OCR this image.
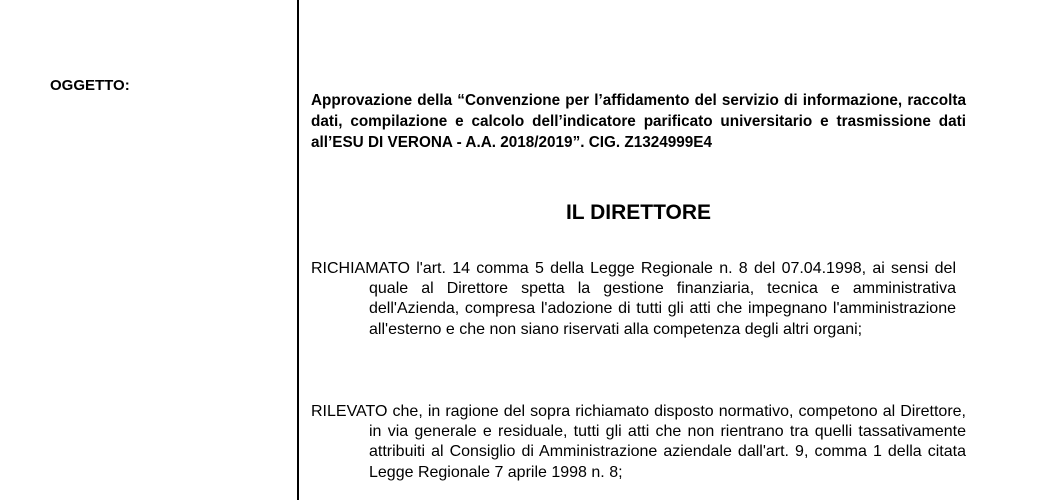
OGGETTO:

Approvazione della “Convenzione per l’affidamento del servizio di informazione, raccolta dati, compilazione e calcolo dell’indicatore parificato universitario e trasmissione dati all’ESU DI VERONA - A.A. 2018/2019”. CIG. Z1324999E4

IL DIRETTORE

RICHIAMATO l'art. 14 comma 5 della Legge Regionale n. 8 del 07.04.1998, ai sensi del quale al Direttore spetta la gestione finanziaria, tecnica e amministrativa dell'Azienda, compresa l'adozione di tutti gli atti che impegnano l'amministrazione all'esterno e che non siano riservati alla competenza degli altri organi;

RILEVATO che, in ragione del sopra richiamato disposto normativo, competono al Direttore, in via generale e residuale, tutti gli atti che non rientrano tra quelli tassativamente attribuiti al Consiglio di Amministrazione aziendale dall'art. 9, comma 1 della citata Legge Regionale 7 aprile 1998 n. 8;
